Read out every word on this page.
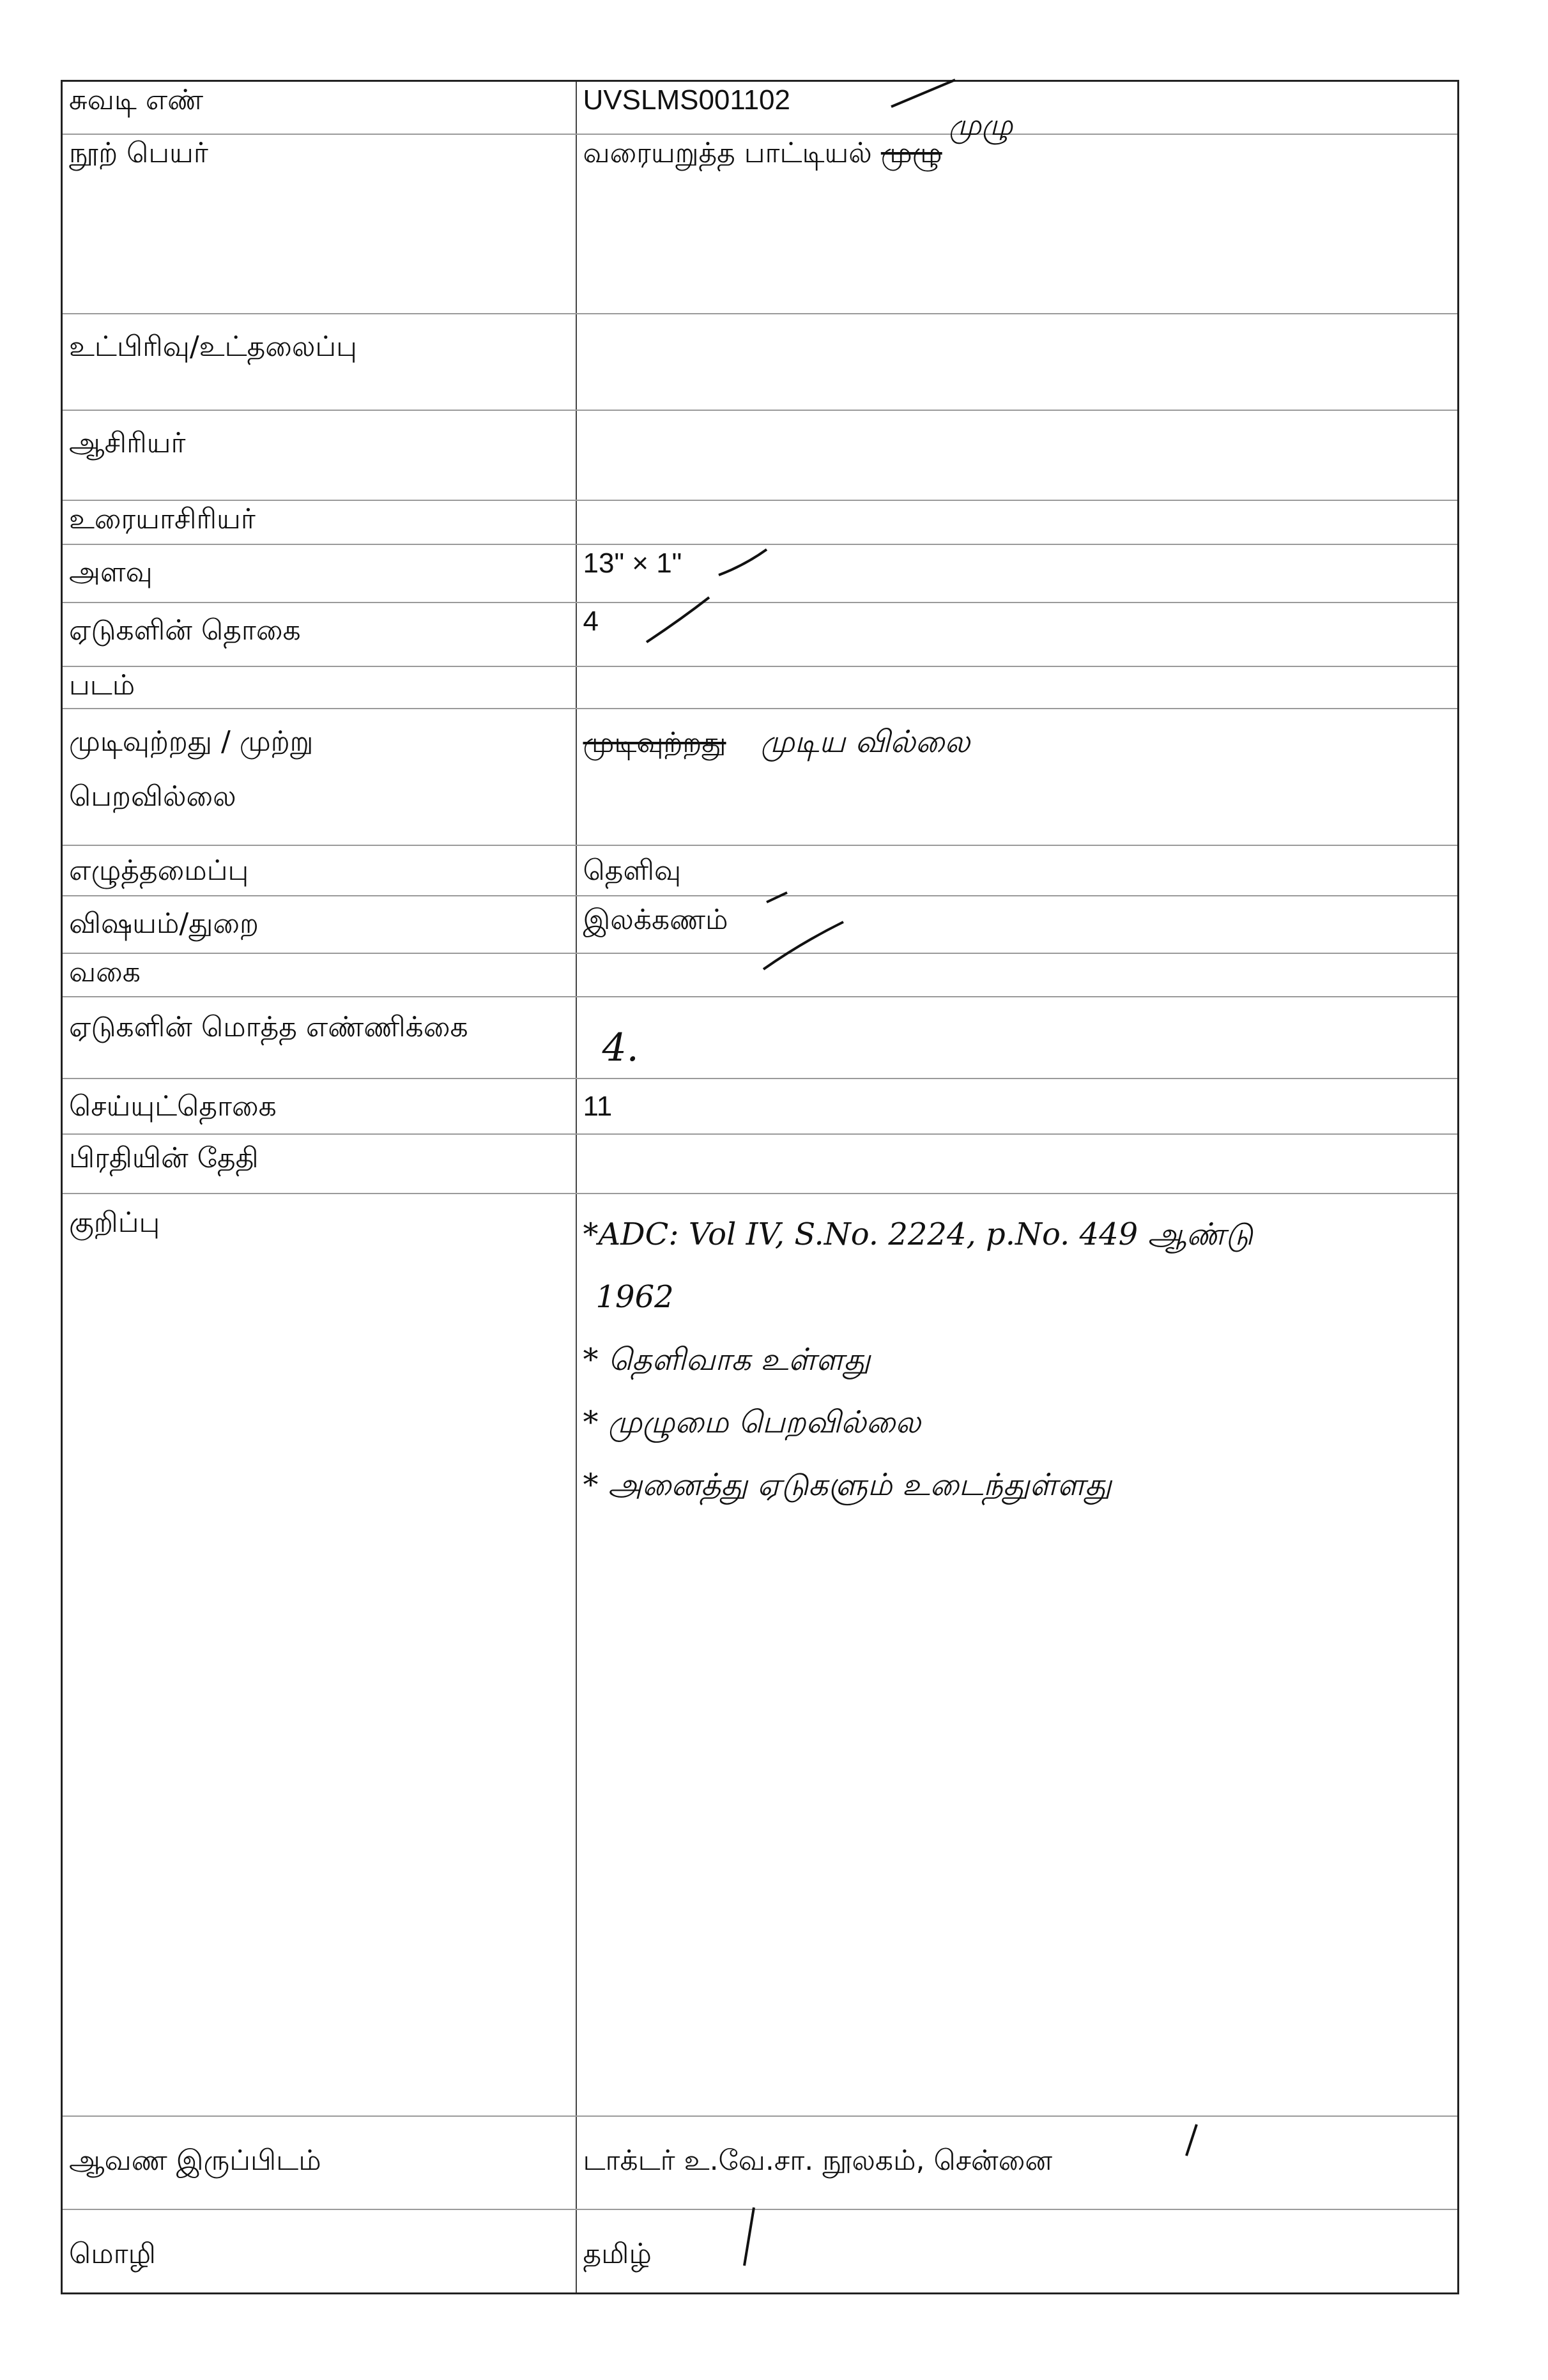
சுவடி எண்	UVSLMS001102
நூற் பெயர்	வரையறுத்த பாட்டியல் முழு
உட்பிரிவு/உட்தலைப்பு	
ஆசிரியர்	
உரையாசிரியர்	
அளவு	13" × 1"
ஏடுகளின் தொகை	4
படம்	
முடிவுற்றது / முற்று
பெறவில்லை	முடிவுற்றது முடிய வில்லை
எழுத்தமைப்பு	தெளிவு
விஷயம்/துறை	இலக்கணம்
வகை	
ஏடுகளின் மொத்த எண்ணிக்கை	4.
செய்யுட்தொகை	11
பிரதியின் தேதி	
குறிப்பு	*ADC: Vol IV, S.No. 2224, p.No. 449 ஆண்டு
1962
* தெளிவாக உள்ளது
* முழுமை பெறவில்லை
* அனைத்து ஏடுகளும் உடைந்துள்ளது

ஆவண இருப்பிடம்	டாக்டர் உ.வே.சா. நூலகம், சென்னை
மொழி	தமிழ்
முழு
